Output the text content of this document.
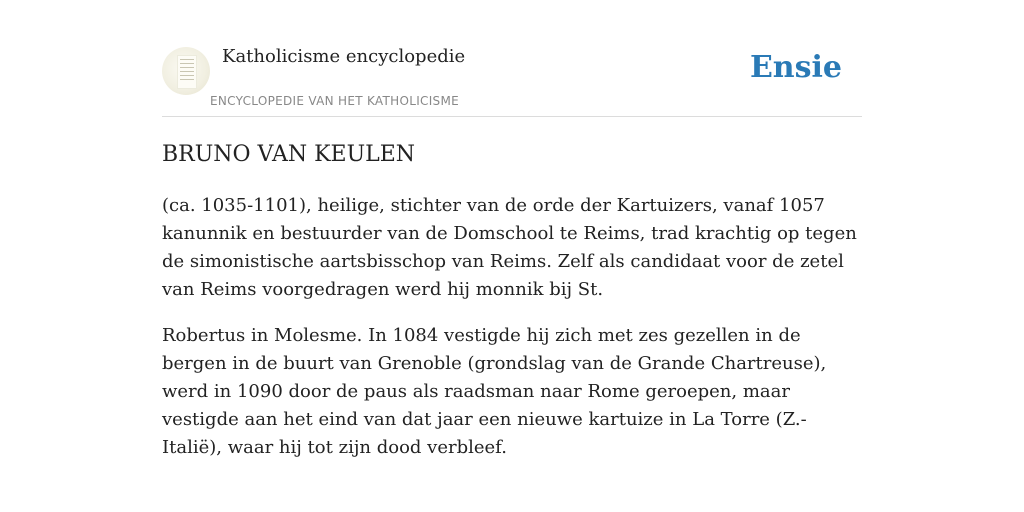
Katholicisme encyclopedie
ENCYCLOPEDIE VAN HET KATHOLICISME
Ensie
BRUNO VAN KEULEN

(ca. 1035-1101), heilige, stichter van de orde der Kartuizers, vanaf 1057 kanunnik en bestuurder van de Domschool te Reims, trad krachtig op tegen de simonistische aartsbisschop van Reims. Zelf als candidaat voor de zetel van Reims voorgedragen werd hij monnik bij St.

Robertus in Molesme. In 1084 vestigde hij zich met zes gezellen in de bergen in de buurt van Grenoble (grondslag van de Grande Chartreuse), werd in 1090 door de paus als raadsman naar Rome geroepen, maar vestigde aan het eind van dat jaar een nieuwe kartuize in La Torre (Z.-Italië), waar hij tot zijn dood verbleef.
